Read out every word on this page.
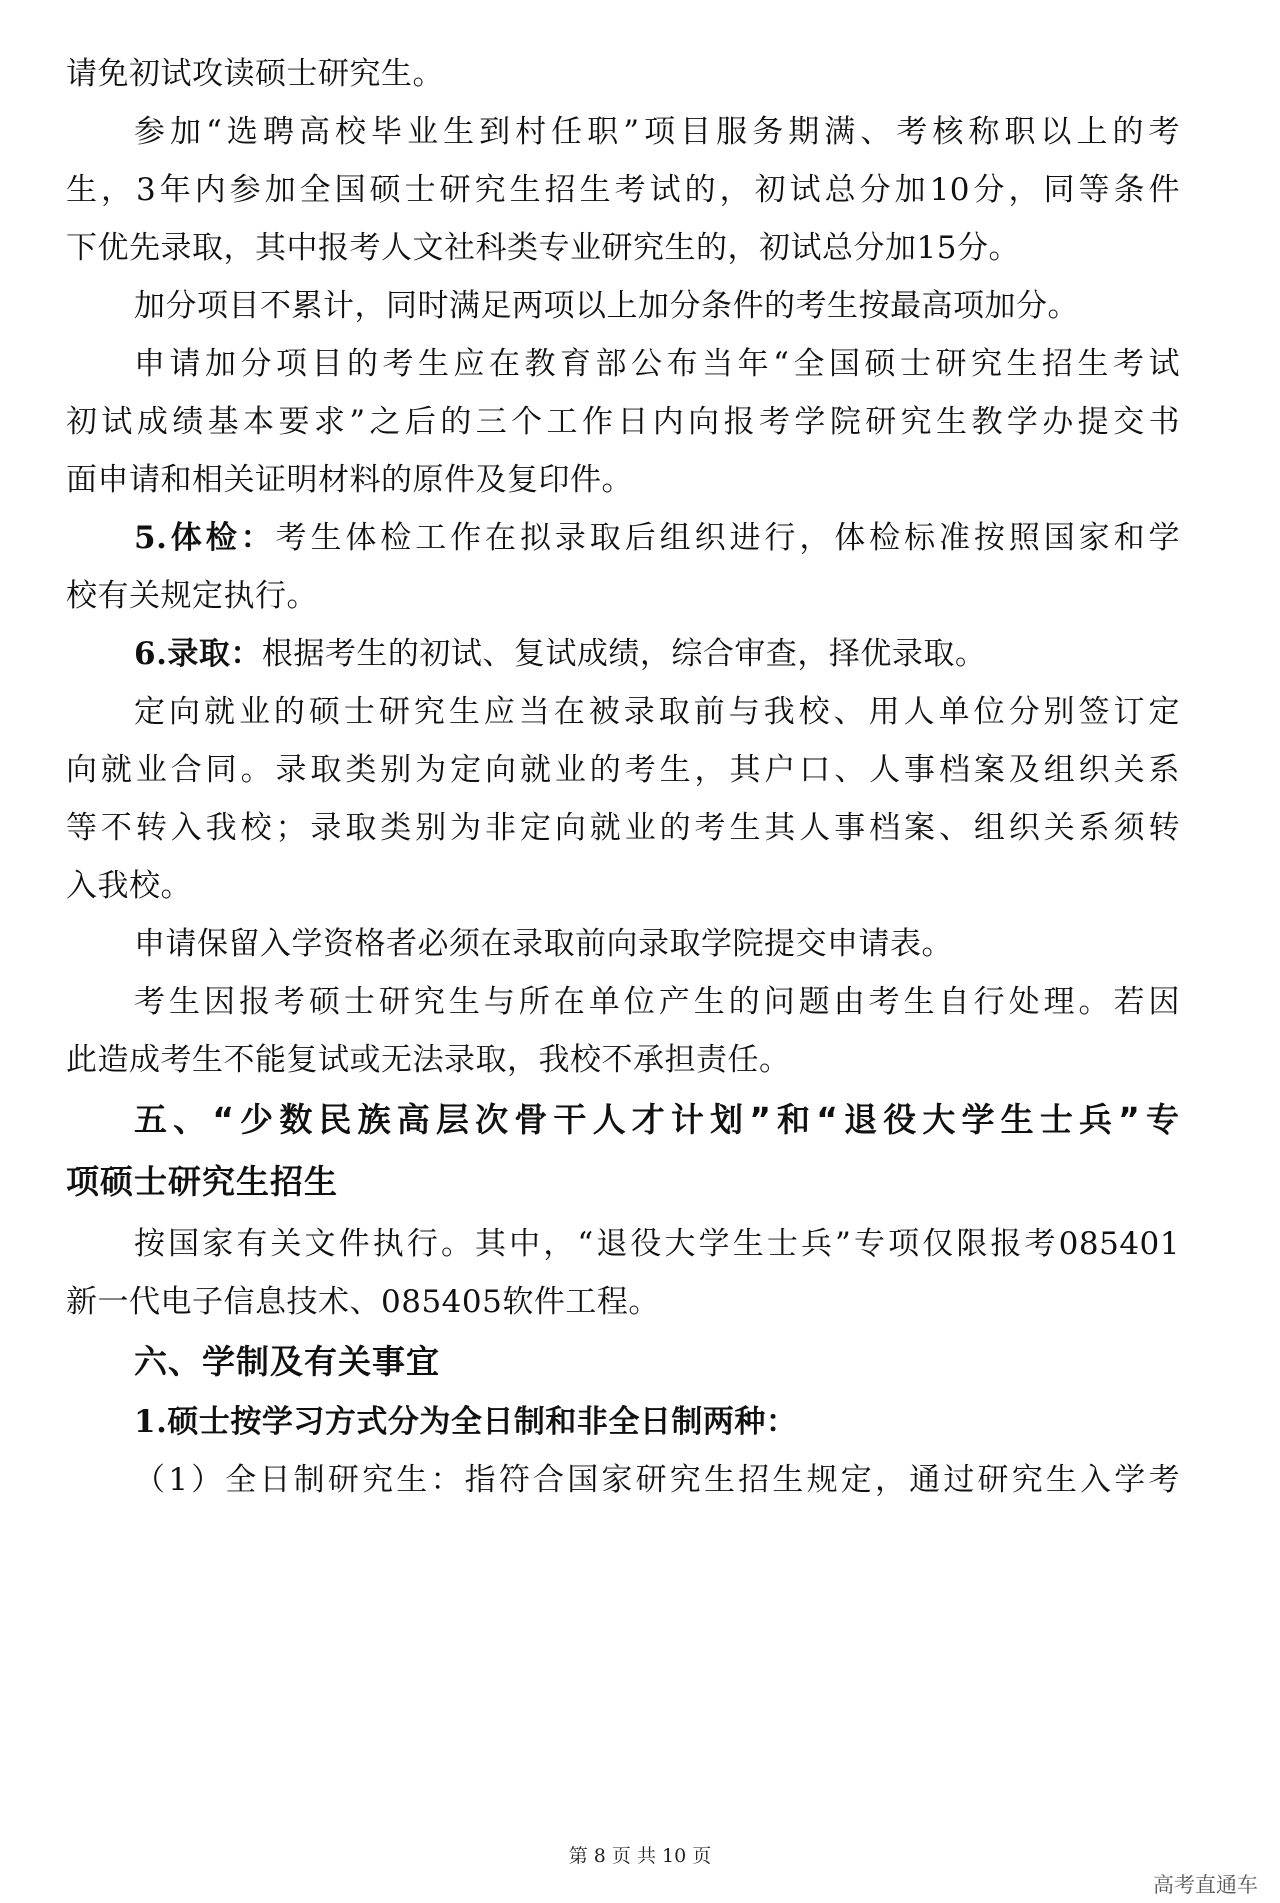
请免初试攻读硕士研究生。
参加“选聘高校毕业生到村任职”项目服务期满、考核称职以上的考
生，3年内参加全国硕士研究生招生考试的，初试总分加10分，同等条件
下优先录取，其中报考人文社科类专业研究生的，初试总分加15分。
加分项目不累计，同时满足两项以上加分条件的考生按最高项加分。
申请加分项目的考生应在教育部公布当年“全国硕士研究生招生考试
初试成绩基本要求”之后的三个工作日内向报考学院研究生教学办提交书
面申请和相关证明材料的原件及复印件。
5.体检：考生体检工作在拟录取后组织进行，体检标准按照国家和学
校有关规定执行。
6.录取：根据考生的初试、复试成绩，综合审查，择优录取。
定向就业的硕士研究生应当在被录取前与我校、用人单位分别签订定
向就业合同。录取类别为定向就业的考生，其户口、人事档案及组织关系
等不转入我校；录取类别为非定向就业的考生其人事档案、组织关系须转
入我校。
申请保留入学资格者必须在录取前向录取学院提交申请表。
考生因报考硕士研究生与所在单位产生的问题由考生自行处理。若因
此造成考生不能复试或无法录取，我校不承担责任。
五、“少数民族高层次骨干人才计划”和“退役大学生士兵”专
项硕士研究生招生
按国家有关文件执行。其中，“退役大学生士兵”专项仅限报考085401
新一代电子信息技术、085405软件工程。
六、学制及有关事宜
1.硕士按学习方式分为全日制和非全日制两种：
（1）全日制研究生：指符合国家研究生招生规定，通过研究生入学考
第 8 页 共 10 页
高考直通车
